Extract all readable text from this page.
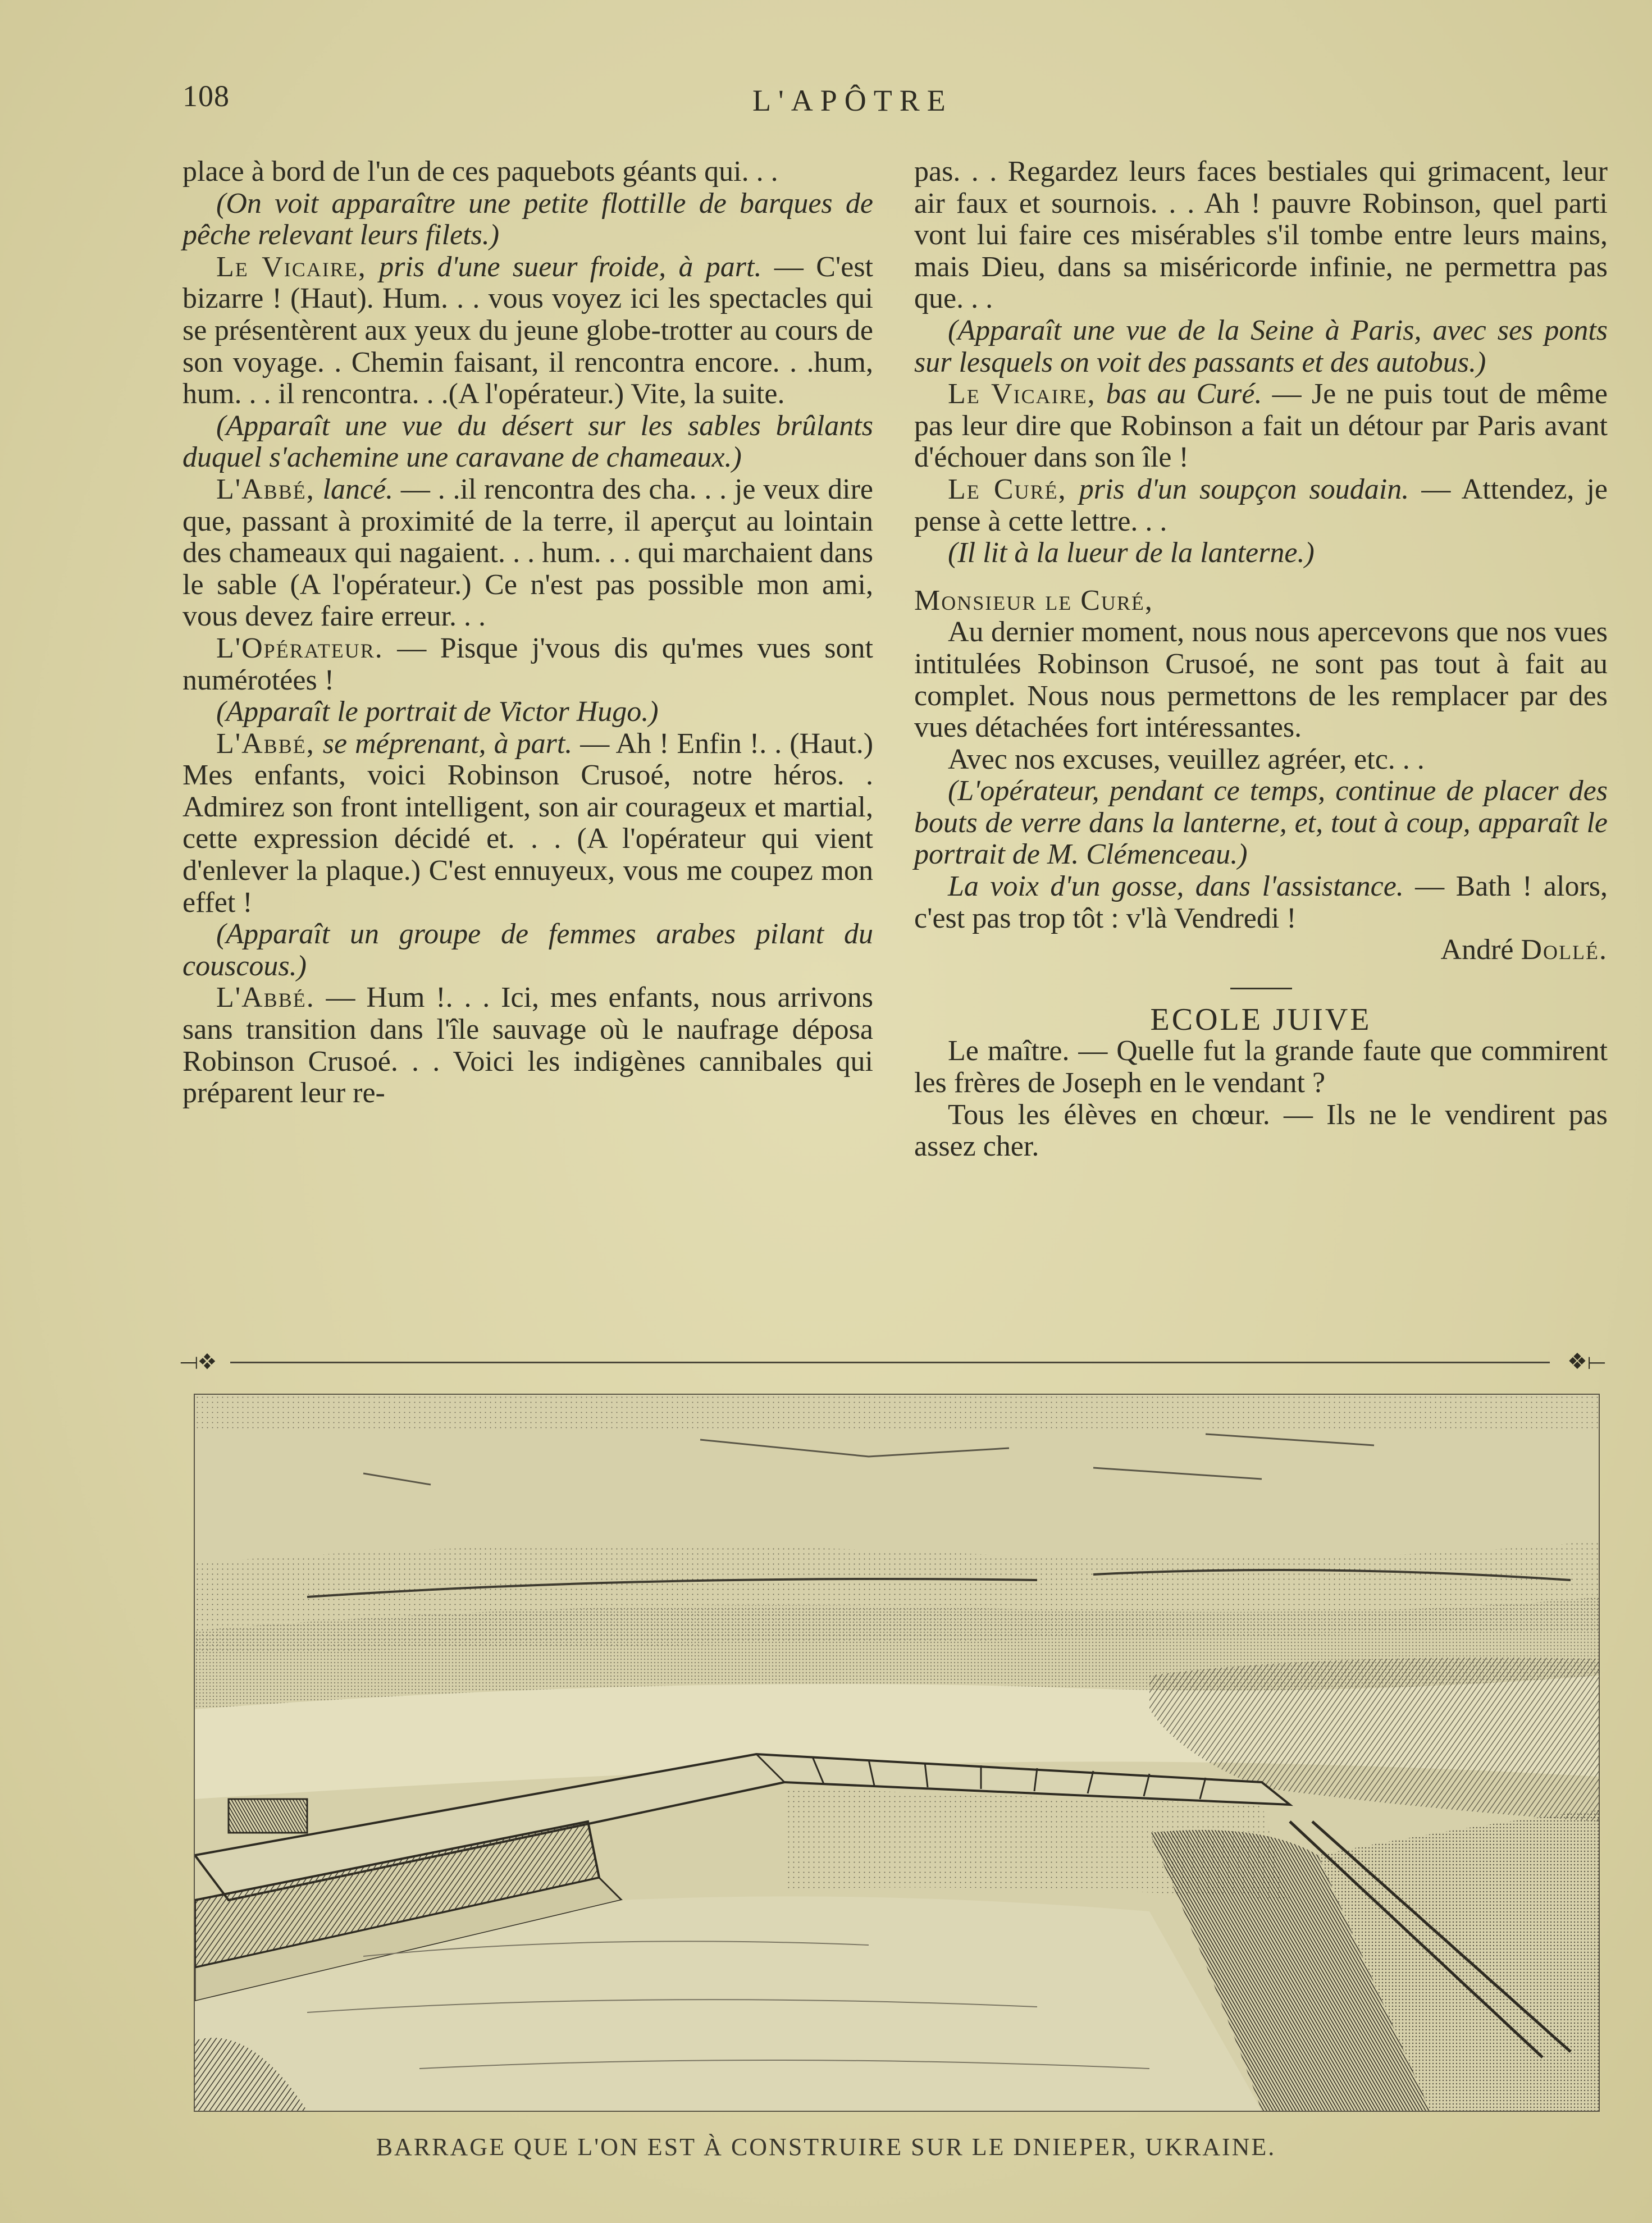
108	L'APÔTRE

place à bord de l'un de ces paquebots géants qui. . .

(On voit apparaître une petite flottille de barques de pêche relevant leurs filets.)

Le Vicaire, pris d'une sueur froide, à part. — C'est bizarre ! (Haut). Hum. . . vous voyez ici les spectacles qui se présentèrent aux yeux du jeune globe-trotter au cours de son voyage. . Chemin faisant, il rencontra encore. . .hum, hum. . . il rencontra. . .(A l'opérateur.) Vite, la suite.

(Apparaît une vue du désert sur les sables brûlants duquel s'achemine une caravane de chameaux.)

L'Abbé, lancé. — . .il rencontra des cha. . . je veux dire que, passant à proximité de la terre, il aperçut au lointain des chameaux qui nagaient. . . hum. . . qui marchaient dans le sable (A l'opérateur.) Ce n'est pas possible mon ami, vous devez faire erreur. . .

L'Opérateur. — Pisque j'vous dis qu'mes vues sont numérotées !

(Apparaît le portrait de Victor Hugo.)

L'Abbé, se méprenant, à part. — Ah ! Enfin !. . (Haut.) Mes enfants, voici Robinson Crusoé, notre héros. . Admirez son front intelligent, son air courageux et martial, cette expression décidé et. . . (A l'opérateur qui vient d'enlever la plaque.) C'est ennuyeux, vous me coupez mon effet !

(Apparaît un groupe de femmes arabes pilant du couscous.)

L'Abbé. — Hum !. . . Ici, mes enfants, nous arrivons sans transition dans l'île sauvage où le naufrage déposa Robinson Crusoé. . . Voici les indigènes cannibales qui préparent leur re-

pas. . . Regardez leurs faces bestiales qui grimacent, leur air faux et sournois. . . Ah ! pauvre Robinson, quel parti vont lui faire ces misérables s'il tombe entre leurs mains, mais Dieu, dans sa miséricorde infinie, ne permettra pas que. . .

(Apparaît une vue de la Seine à Paris, avec ses ponts sur lesquels on voit des passants et des autobus.)

Le Vicaire, bas au Curé. — Je ne puis tout de même pas leur dire que Robinson a fait un détour par Paris avant d'échouer dans son île !

Le Curé, pris d'un soupçon soudain. — Attendez, je pense à cette lettre. . .

(Il lit à la lueur de la lanterne.)

Monsieur le Curé,

Au dernier moment, nous nous apercevons que nos vues intitulées Robinson Crusoé, ne sont pas tout à fait au complet. Nous nous permettons de les remplacer par des vues détachées fort intéressantes.

Avec nos excuses, veuillez agréer, etc. . .

(L'opérateur, pendant ce temps, continue de placer des bouts de verre dans la lanterne, et, tout à coup, apparaît le portrait de M. Clémenceau.)

La voix d'un gosse, dans l'assistance. — Bath ! alors, c'est pas trop tôt : v'là Vendredi !

André Dollé.

ECOLE JUIVE

Le maître. — Quelle fut la grande faute que commirent les frères de Joseph en le vendant ?

Tous les élèves en chœur. — Ils ne le vendirent pas assez cher.

⟞❖	❖⟝
BARRAGE QUE L'ON EST À CONSTRUIRE SUR LE DNIEPER, UKRAINE.
